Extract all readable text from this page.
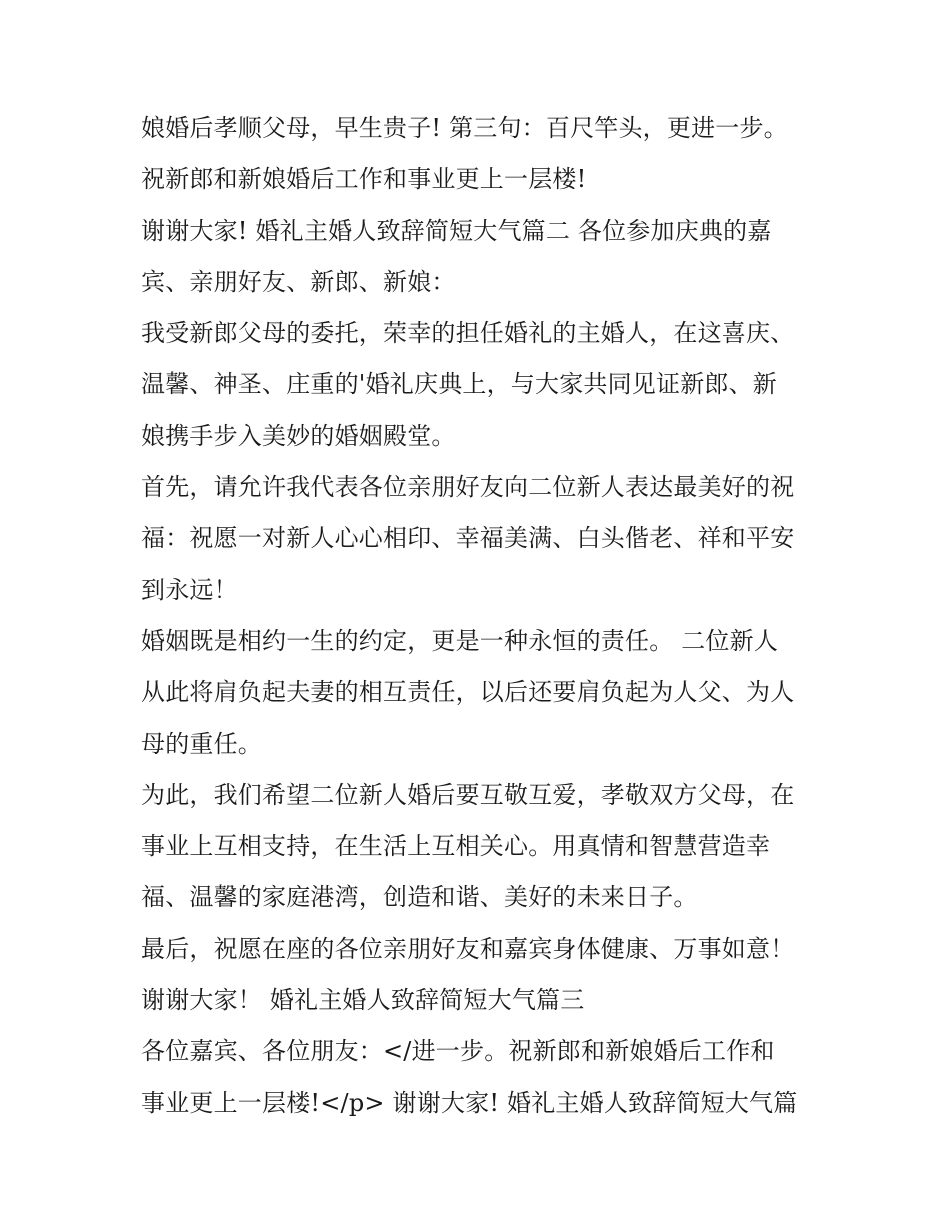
娘婚后孝顺父母，早生贵子! 第三句：百尺竿头，更进一步。
祝新郎和新娘婚后工作和事业更上一层楼!
谢谢大家! 婚礼主婚人致辞简短大气篇二 各位参加庆典的嘉
宾、亲朋好友、新郎、新娘：
我受新郎父母的委托，荣幸的担任婚礼的主婚人，在这喜庆、
温馨、神圣、庄重的'婚礼庆典上，与大家共同见证新郎、新
娘携手步入美妙的婚姻殿堂。
首先，请允许我代表各位亲朋好友向二位新人表达最美好的祝
福：祝愿一对新人心心相印、幸福美满、白头偕老、祥和平安
到永远！
婚姻既是相约一生的约定，更是一种永恒的责任。 二位新人
从此将肩负起夫妻的相互责任，以后还要肩负起为人父、为人
母的重任。
为此，我们希望二位新人婚后要互敬互爱，孝敬双方父母，在
事业上互相支持，在生活上互相关心。用真情和智慧营造幸
福、温馨的家庭港湾，创造和谐、美好的未来日子。
最后，祝愿在座的各位亲朋好友和嘉宾身体健康、万事如意！
谢谢大家！ 婚礼主婚人致辞简短大气篇三
各位嘉宾、各位朋友：</进一步。祝新郎和新娘婚后工作和
事业更上一层楼!</p> 谢谢大家! 婚礼主婚人致辞简短大气篇
